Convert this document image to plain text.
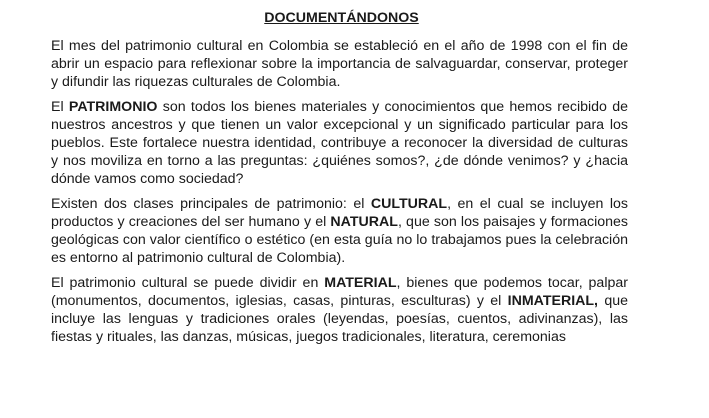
DOCUMENTÁNDONOS

El mes del patrimonio cultural en Colombia se estableció en el año de 1998 con el fin de abrir un espacio para reflexionar sobre la importancia de salvaguardar, conservar, proteger y difundir las riquezas culturales de Colombia.

El PATRIMONIO son todos los bienes materiales y conocimientos que hemos recibido de nuestros ancestros y que tienen un valor excepcional y un significado particular para los pueblos. Este fortalece nuestra identidad, contribuye a reconocer la diversidad de culturas y nos moviliza en torno a las preguntas: ¿quiénes somos?, ¿de dónde venimos? y ¿hacia dónde vamos como sociedad?

Existen dos clases principales de patrimonio: el CULTURAL, en el cual se incluyen los productos y creaciones del ser humano y el NATURAL, que son los paisajes y formaciones geológicas con valor científico o estético (en esta guía no lo trabajamos pues la celebración es entorno al patrimonio cultural de Colombia).

El patrimonio cultural se puede dividir en MATERIAL, bienes que podemos tocar, palpar (monumentos, documentos, iglesias, casas, pinturas, esculturas) y el INMATERIAL, que incluye las lenguas y tradiciones orales (leyendas, poesías, cuentos, adivinanzas), las fiestas y rituales, las danzas, músicas, juegos tradicionales, literatura, ceremonias
